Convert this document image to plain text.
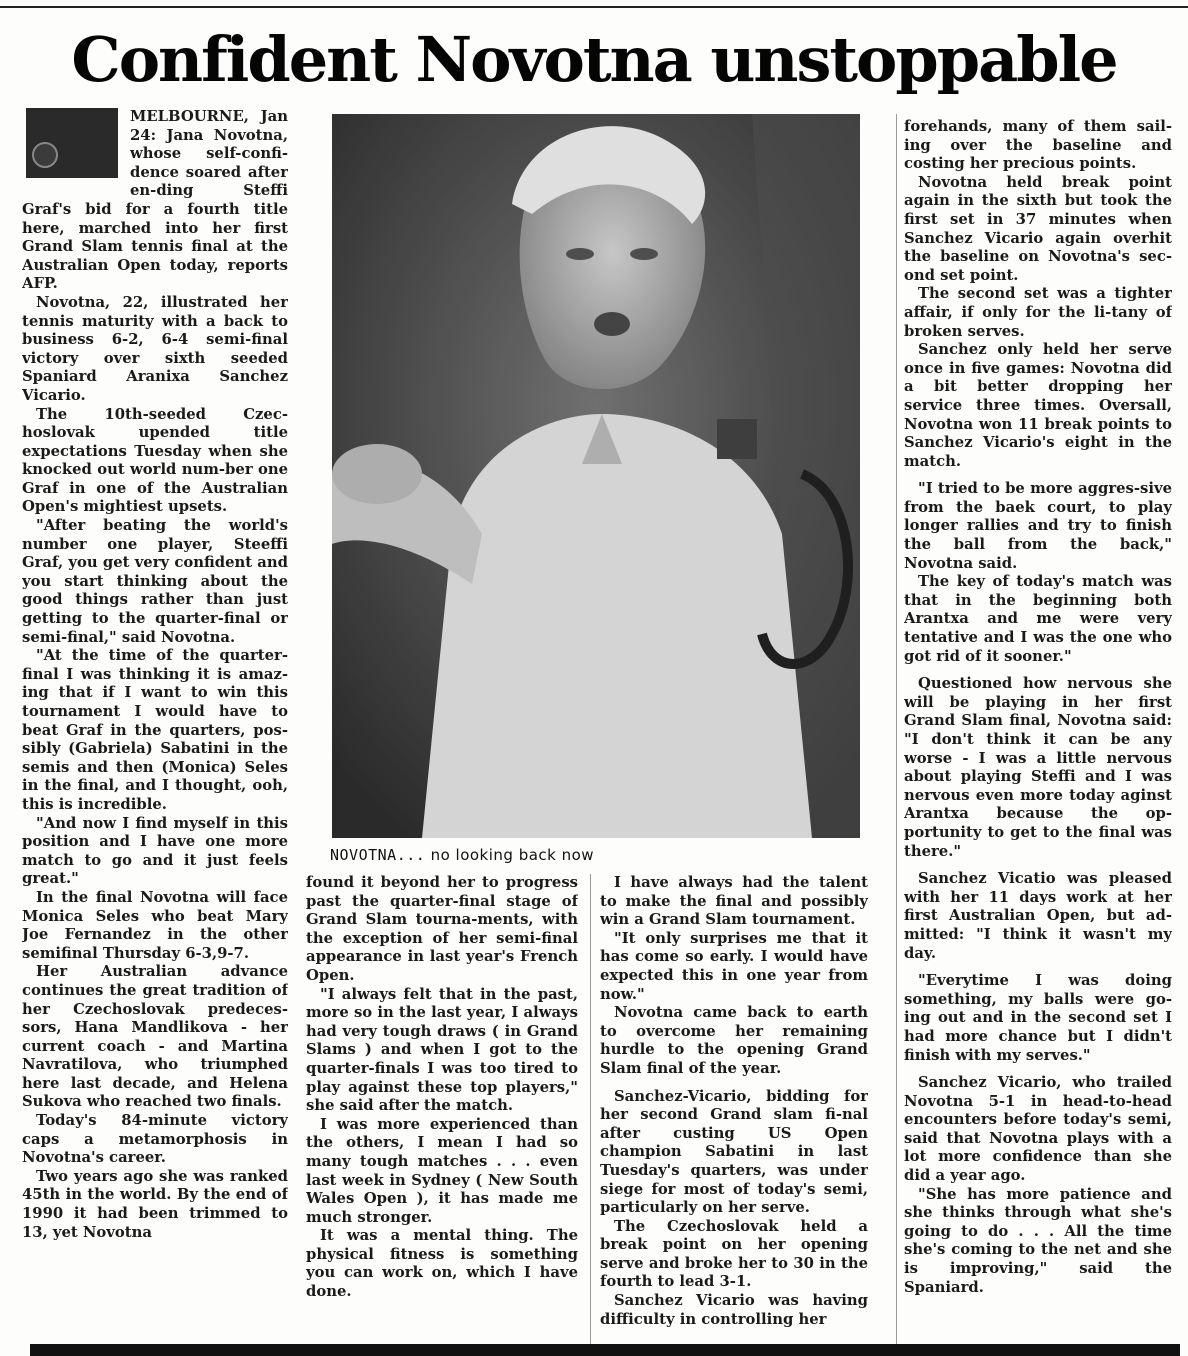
Confident Novotna unstoppable

MELBOURNE, Jan 24: Jana Novotna, whose self-confi-dence soared after en-ding Steffi Graf's bid for a fourth title here, marched into her first Grand Slam tennis final at the Australian Open today, reports AFP.

Novotna, 22, illustrated her tennis maturity with a back to business 6-2, 6-4 semi-final victory over sixth seeded Spaniard Aranixa Sanchez Vicario.

The 10th-seeded Czec-hoslovak upended title expectations Tuesday when she knocked out world num-ber one Graf in one of the Australian Open's mightiest upsets.

"After beating the world's number one player, Steeffi Graf, you get very confident and you start thinking about the good things rather than just getting to the quarter-final or semi-final," said Novotna.

"At the time of the quarter-final I was thinking it is amaz-ing that if I want to win this tournament I would have to beat Graf in the quarters, pos-sibly (Gabriela) Sabatini in the semis and then (Monica) Seles in the final, and I thought, ooh, this is incredible.

"And now I find myself in this position and I have one more match to go and it just feels great."

In the final Novotna will face Monica Seles who beat Mary Joe Fernandez in the other semifinal Thursday 6-3,9-7.

Her Australian advance continues the great tradition of her Czechoslovak predeces-sors, Hana Mandlikova - her current coach - and Martina Navratilova, who triumphed here last decade, and Helena Sukova who reached two finals.

Today's 84-minute victory caps a metamorphosis in Novotna's career.

Two years ago she was ranked 45th in the world. By the end of 1990 it had been trimmed to 13, yet Novotna

NOVOTNA... no looking back now

found it beyond her to progress past the quarter-final stage of Grand Slam tourna-ments, with the exception of her semi-final appearance in last year's French Open.

"I always felt that in the past, more so in the last year, I always had very tough draws ( in Grand Slams ) and when I got to the quarter-finals I was too tired to play against these top players," she said after the match.

I was more experienced than the others, I mean I had so many tough matches . . . even last week in Sydney ( New South Wales Open ), it has made me much stronger.

It was a mental thing. The physical fitness is something you can work on, which I have done.

I have always had the talent to make the final and possibly win a Grand Slam tournament.

"It only surprises me that it has come so early. I would have expected this in one year from now."

Novotna came back to earth to overcome her remaining hurdle to the opening Grand Slam final of the year.

Sanchez-Vicario, bidding for her second Grand slam fi-nal after custing US Open champion Sabatini in last Tuesday's quarters, was under siege for most of today's semi, particularly on her serve.

The Czechoslovak held a break point on her opening serve and broke her to 30 in the fourth to lead 3-1.

Sanchez Vicario was having difficulty in controlling her

forehands, many of them sail-ing over the baseline and costing her precious points.

Novotna held break point again in the sixth but took the first set in 37 minutes when Sanchez Vicario again overhit the baseline on Novotna's sec-ond set point.

The second set was a tighter affair, if only for the li-tany of broken serves.

Sanchez only held her serve once in five games: Novotna did a bit better dropping her service three times. Oversall, Novotna won 11 break points to Sanchez Vicario's eight in the match.

"I tried to be more aggres-sive from the baek court, to play longer rallies and try to finish the ball from the back," Novotna said.

The key of today's match was that in the beginning both Arantxa and me were very tentative and I was the one who got rid of it sooner."

Questioned how nervous she will be playing in her first Grand Slam final, Novotna said: "I don't think it can be any worse - I was a little nervous about playing Steffi and I was nervous even more today aginst Arantxa because the op-portunity to get to the final was there."

Sanchez Vicatio was pleased with her 11 days work at her first Australian Open, but ad-mitted: "I think it wasn't my day.

"Everytime I was doing something, my balls were go-ing out and in the second set I had more chance but I didn't finish with my serves."

Sanchez Vicario, who trailed Novotna 5-1 in head-to-head encounters before today's semi, said that Novotna plays with a lot more confidence than she did a year ago.

"She has more patience and she thinks through what she's going to do . . . All the time she's coming to the net and she is improving," said the Spaniard.
